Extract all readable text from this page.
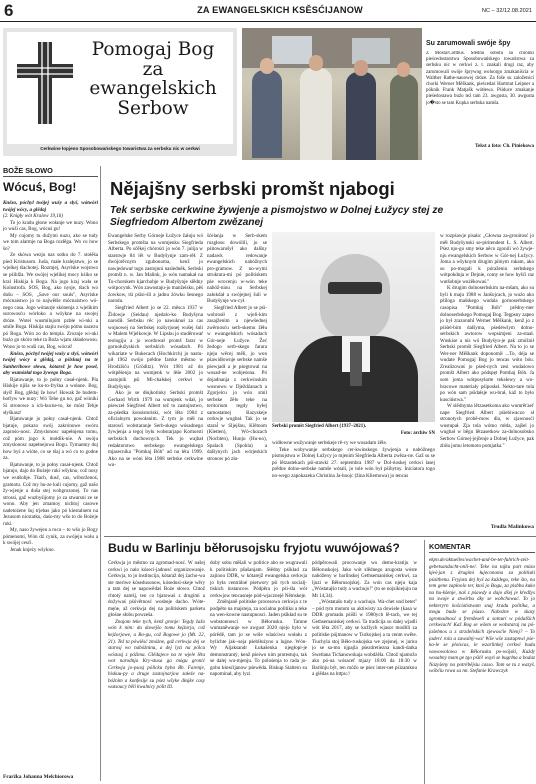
6	ZA EWANGELSKICH KSĚSĆIJANOW	NC – 32/12.08.2021
Pomogaj Bog
za
ewangelskich
Serbow
Cerkwine łopjeno Sposobowańskego towaristwa za serbsku nic w cerkwi
Su zarumowali swóje špy
Z Mósta/Cottbus. Slědnu sobotu su chronki pieścedostarstwa Sposobowańskego towaristwa za serbsku nic w cerkwi z. t. znakali drugi raz, aby zarumowali swóje šprywog woloorgo zmakaniścia w Walther Rathe-nauowej dróze. Za foše su založenści chorki Werner Měškank, pieścedaś Hartmut Leipner a póknik Frank Matjašk wótłewa. Pśiduce zmakanje pieśedostawa buźo teź tam 23. awgusta, 30. awgusta jo�sto se tam Kupka serbska namša.
Tekst a foto: Ch. Piniekowa
BOŽE SŁOWO
Wócuś, Bog!

Knězo, póchyl twójej wušy a słyš, wótwóri twójej wócy, a glědaj

(2. Knigły wót Kralow 19,16)

To jo kradu głone wołanje we nuzy. Wono jo wuši cas, Bog, wócuś gu!

My cujomy tu dužymi nuzu, ako se tudy we tom alarmje na Boga rozłěga. Wo co how šo?

Ze skówa wezju nas sotku do 7. stołěśa pied Kristusom. Juda, małe kralejstwo, jo se wjelkej tšachotej. Rozmjej, Asyriske wojstwo se pśiblža. We swójej wjelikej mocy kśiko se kral Hiskija k Bogu. Na jogo kraj wała se Kolustrofa. SOS, Bog, ako nysje, tšach wo dušu – SOS, „Save our souls", Asyriske mócnaistwo jo to najwětše mócnaistwo wó-nego casa. Jogo wótaurje skónenja z wjelikim surowosću wórłoko a wóykne na swojej dróze. Wotei wusmilujom pzbłe wi-nki a smile Boga. Hiskija stajiu swóju pótnu nazezu pó Boga. Wón zo do templa. Zroznje wi-nki buźo gu skóro teke ta Boża wjatu składowosu. Wono jo to wuši cas, Bog, wócuś!

Knězo, póchyl twójej wušy a słyš, wótwóri twójej wócy a glědaj, a pśisłuaj na te Sanheribowe słowa, kótarež je how poseł, aby wumózłał togo žywego Boga.

Bjatuwanje, to jo połny casał-njenk. Pla Hiskije njiša se ku-to-fryšna a wołane. Bog, słyš! Bog, glědaj že how! Howak že budem-hotřyw we nuzy: Wó Tehe gu no, gaž wiiniki Si stronowe a ich-kucne-to, ke móst Tebje słyškasz!

Bjatuwanje jo połny casał-njenk. Chtož bjatuje, pokazo swój zakrónowe swóru zaprośo-nosc. Zmyslonosc napełnjena tomu, což póm jogo k mołdik-nie. A swóju zmyslonosc napełnejowa Bogu. Tymantny duj how byś a wióte, co se tšaj a wó co to godne za.

Bjatuwanje, to jo połny casał-njenk. Chtož bjatujo, dajo do Bożeje ruki wšykno, což nosy we wutšobje. Tšach, dusč, cas, wiborženoś, gramotu. Což my hu-ze kuli cujomy, gaž našo žy-wjenje a duša stej wobgrozonej. To nas strossí, gaž wuzbyśijomy jo za stwarsni ze se wono. Aby jen zmamoy nichtoj casowe nadetożene šuj trjebas jako pó kiestalnem na Jezusom nicstatku, daśo-my wšo to do Bożeje ruki.

My, naso žywejeu a rucu – to wšo jo Bogy pómenomí, Wón dź cynik, za swójeju wołu a k swójej cesći.

Jenak knjeży wšykno.

Fraržka Johanna Melchiorowa
Nějajšny serbski promšt njabogi
Tek serbske cerkwine žywjenje a pismojstwo w Dolnej Łužycy stej ze Siegfriedom Albertom zwězanej

Ewangelske Serby Górneje Łužyce žałuju wó Serbskego promšta na wumjenku Siegfrieda Alberta. Po sćěkej chórości jo wón 7. julija w starstwje 84 lět w Budyšynje zam-rěł. Z dwójorěcnym zgubonoma, kenž jo nawjedowaŕ togo zastojnni nasledněk, Serbski promšt n. w. Jan Malink, jo wón namakał na Tu-chorskem kjarchobje w Budyšynje slědny wótpocynk. Wón zawostaju-jo manželsku, pěś źowkow, tśi pśisi-śli a jadnu źówku šesnego narodu.

Siegfried Albert jo se 22. měsca 1937 w Židowje (Seidau) njedalo-ko Budyšyna narodił. Serbsku rěc jo nawuknuł za cas wojnowej na Serbskej rozšyrjonej wušej šuli w Malem Wjelkowje. W Lipsku jo studěrowaŕ teologiju a jo wordował promš farar w gornołužyskich serbskich wósadach. Pó wikariate w Bukecach (Hochkirch) jo nastu-pił 1962 swójo prědne farske městno w Hrodźišću (Gröditz). Wót 1981 až do wótpěśenja na wumjenk w lěśe 2002 jo zastojnik pśi Mi-chałskej cerkwi w Budyšynje.

Ako jo se dłujkotinky Serbski promšt Gerhard Wirth 1979 na wumjenk wdał, jo pśewzeł Siegfried Albert tež to zastojnstwo, za-pśedka konsistoriski, wót lěta 1984 z oficialnym powołanim. Z tym jo měł na starosći wobstaranje Serb-skego wósadnego žywjenja a tegoj byłu wobstarjapo Komorsti serbskich duchownych. Tek jo wajbał redaktorstwo serbskego ewangelskego mjasecnika "Pomhaj Bóh" ad na léta 1999. Ako na se wóni léta 1988 serbske cerkwine wu-

šćelanja w Serb-skem rozgłosu dowólili, jo se pśitowarušył ako dalšny nadawk redowanje ewangelskich nabóžnych pro-gramow. Z no-wymi struktura-mi pó politiskem pśe wrocenju w-wón teke nabóž-ninu na Serbskej załokdał a swójejnej šuli w Budyšynje wu-cył.

Siegfried Albert jo se pśi-wobrosił z wjeli-kim zasajženim a njewšednej zwěrnosću serb-skemu žěłu w ewangelskich wósadach Gór-neje Łužyce. Žeć žedogo serb-skego farara njeju wěcej měli, jo won pśawidłownje serbske namše pśewjadł a je pśegtowal na wosad-ne wobjeśona. Pó dojadnanja z cerkwinskim wosnowu w Dježdźanach a Zgorjelcu jo wón smil serbske žěło teke na teritorium tegdy byłej samostatnej šlazyskeje cerkwje wugbał. Tak jo se staraĺ w Sljejšnu, Klětnom (Kletten), Wó-chozach (Nochten), Hunju (Hu-no), Spalach (Spohla) a dalšynych jach wórjeskich stronow pó zła-

Serbski promšt Siegfried Albert (1937–2021).
Foto: archiw SN

widłowne wužywanje serbskeje rě-cy we wosadam źěle.

Teke wobywanje serbskego cer-kwinskego žywjenja a nabóžnego pismojstwa w Dolnej Łužycy jo mjenim Siegfrieda Alberta zwěza-ne. Gaž su se pó lětzastekach pśi-stawki 27. septembra 1987 w Dol-ńoskej cerkwi lasej prědne dolno-serbske namše wótali, jo tole wón był pśibytny. Iniciatora togo no-wego zapokazeka Christina Ja-hnojc (žina Kliemowa) jo tencas

w rozpśawje pisała: „Głowna za-gronitosć jo měł Budyšynski se-piritendent Ł. S. Albert. Pśez njo-go smy teke něco zgonili wó žywje-nju ewangelskich Serbow w Gór-nej Łužycy. Joma a wšyknym drugim pilnym rukam, ako su po-mogali k póraženiu serbskego wótpokdnja w Dejnie, comy se how hyšći raz wutšobnje wuźěkowaś."

K drugim dolnoserbskim na-mšam, ako su byli k maju 1988 w Janšojcach, jo wuźo ako pšíloga mašskego wudala gornoserbskego casopisa "Pomhaj Bóh" prědny-mer dolnoserbskego Pomogaj Bog. Tegpsny zapeo jo był zrazonnhl Werner Měškank, kenž jo z pśiśel-bim dalšyma, pśedéwšym dolno-serbskich awtorow wopsimjeni za-staał. Wuskise a nis wó Budyšyn-je pak zmóžnił Serbski promšt Siegfried Albert. Na to jo se Wer-ner Měškank doponomił ...To, dėja se wudate Pomogaj Bog jo tencas wóto bóu. Zrealizowaś jo pśed-nych zesi wudaśowo promšt Albert ako pódspęt Pomhaj Bóh. Ja som joma wótposyłarte teksłowy a wo-bracowe materiały pśiposłał. Nekto-tare tola po wón sam pśidałsje wu-brał, kaž to było kusciństwa."

W slědnyma lětzasetkoma ako wumrěťaeť nape Siegfried Albert pśiebiwaczo sł stronotych probě-mow dla, w zjawnosći wustupał. Zja tola wótno młda, zajšel jo wugbał w běgu lětzasetkow za-dolnosobsko Serbow Górnej-jejčenje a Dolnej Łužyce, pak zbiła jomu letomoto pomjatka."

Trudla Malinkowa
Budu w Barlinju běłorusojsku fryjotu wuwójowaś?

Cerkwja jo městno za zgromad-nosć. W našej cerkwi jo nalo kóseci-jadnosć organizowanje. Cerkwja, to jo institucija, kótaraž dej żacho-wa ste meriwe kósedusonow, kósedusi-skeje wěry a tam dej se napowědaś Boże słowo. Chtož chtotý namšj, ten co bjatowaś z drugimi a dožywaś pśóvětnosć wosbeje dacho. Wóte-męńe, až cerkwja dej na politiskem parketu głośne słobu powzeša.

Znajom teke tych, kenž gronje: Tegdy žažo wón k nim: da dawejšo tomu kejźorja, což kejźorjowe, a Bo-gu, což Bogowe jo (Mt. 22, 21). Tež ta pówiěsć zmóżne, gaž cerkwja dej se starosj wo nabóżninu, a dej lyzi na pólcu wóstasj z późima. Glědajece na te wjele lěta wot narodnja Kry-stusa ga mógu gronić Cerkwja jo-psosj pólicku hyba Bb. Farenje, biskuu-py a druge zastojnarjow załeźe na-bóżnim a konfesije su pśez wšyke dłujke casy wutsoacy běli kwalnicy pólit lžl.

doby sobu měšali w politice abo se wugrawali k politiskim pšašanjam. Słědny pśikład za zajinou DDR, w kótarejž ewangelska cerkwja jo była centrálné pśetwory pśi tych socialj-tiskich instancow. Pódpěra jo pśi-śla wót cerkwjow tencasneje pód-wjacznejé Němskeje.

Změnjaně politiske procesowa cerkwja z te podpěto na majsteja, za socialnu politiku a teke na wen-kowne nastupnosci. Jaden pśikład su te wobstonnosci w Běłorusku. Tamne wumaněwanje we awgust 2020 njejo bylo w pórědě, tam jo se wóle wlaściwu wołału z bylichte jak--seja pśeblłużyno a luǵne. Wón-Wy Aljaksandr Łukašenka njegłopi-je demonstrantý, kenž pśeiwo nim protestuju, tak se dalej wu-mjenju. To polośenja to rada jo-gobu kśesćijanow pśewěda. Biskup Staltein su napominał, aby lyzi

pódpěrowali procowanje wo demo-kratiju w Běłoruskojej. Jako wót slědnego arugosta wóste nabóženy w barlinskej Gethsemaniskej cerkwi, za ljuzi w Běłorusojskej. Za wón cas njeju kaja „Wóstatajšo tudy a wachujo!" (to se nojsikiejuju na Mt 14,34).

„Wóstatašo tudy a wachujo. Wa-chet und betet" – pód tym motom su aktiwisty za dowiele (kasa w DDR gromadu pśišli w 1980ych lě-tach, we tej Gethsemaniskej cerkwi. Ta tradicija su dalej wjadli wót lěta 2017, aby se kužlych wjasor modlili za politiske pójmanow w Turkojskej a ta cenm swěte. Tiuchyla stoj Běło-ruskojska we zjejsnej, w jurnu jo se sa-mo njpajla pśezdretiezna kandi-datka Swetlana Tichanowskaja wobdźěla. Chtož njamožo ako pó-ua wósaceř mjazy 18:00 da 18:30 w Barlinju být, ten móžo se pśez inter-net pśizamknu a glědas na https://

KOMENTAR

ekpn.de/aktuelles/wachet-und-be-tet-fuhrich-zeit-gebetsandacht-onli-ne/. Teke na tajku part mózo kjeś-jan z drugimi łujeconoma za politiski pśaitbenu. Fryjotu dej byś za kuždego, teke što, na tem gene zapłoolo ter, ktoš jo Bogu, za pisbbu kuko na hu-kšenje, naš z pśawdy a dajo dšej je kŕedžys na swoje a stwórbu áky se wobchować. To jo nekteryrn košciaństwam snaj kradu politika, a mogu budo se pśaso. Naboźne w skazy zgromadnosć a fremžeseli a sotnuri w pódalších cerkwiach! Kaž Bog se wšem se wobstaraj na pó-jašebnos a z strzdeňskich zjewosćie Nienj? – To jaderć rola a zawalný-wa! Wše wše zastupnwi pśe-ka-le se ploiscas, le wzarlinkej cerkwi budu wuwowolowa w Běłorusku po-wójski, Kuždy wosabny mam ge tgo pśiń! wsyń se bugrłna a bodaz Nazyšeny na potrébějsiu casso. Tam se tu z wazyš. wóbćiu rowa sa nn. Stefanie Krawczyk
